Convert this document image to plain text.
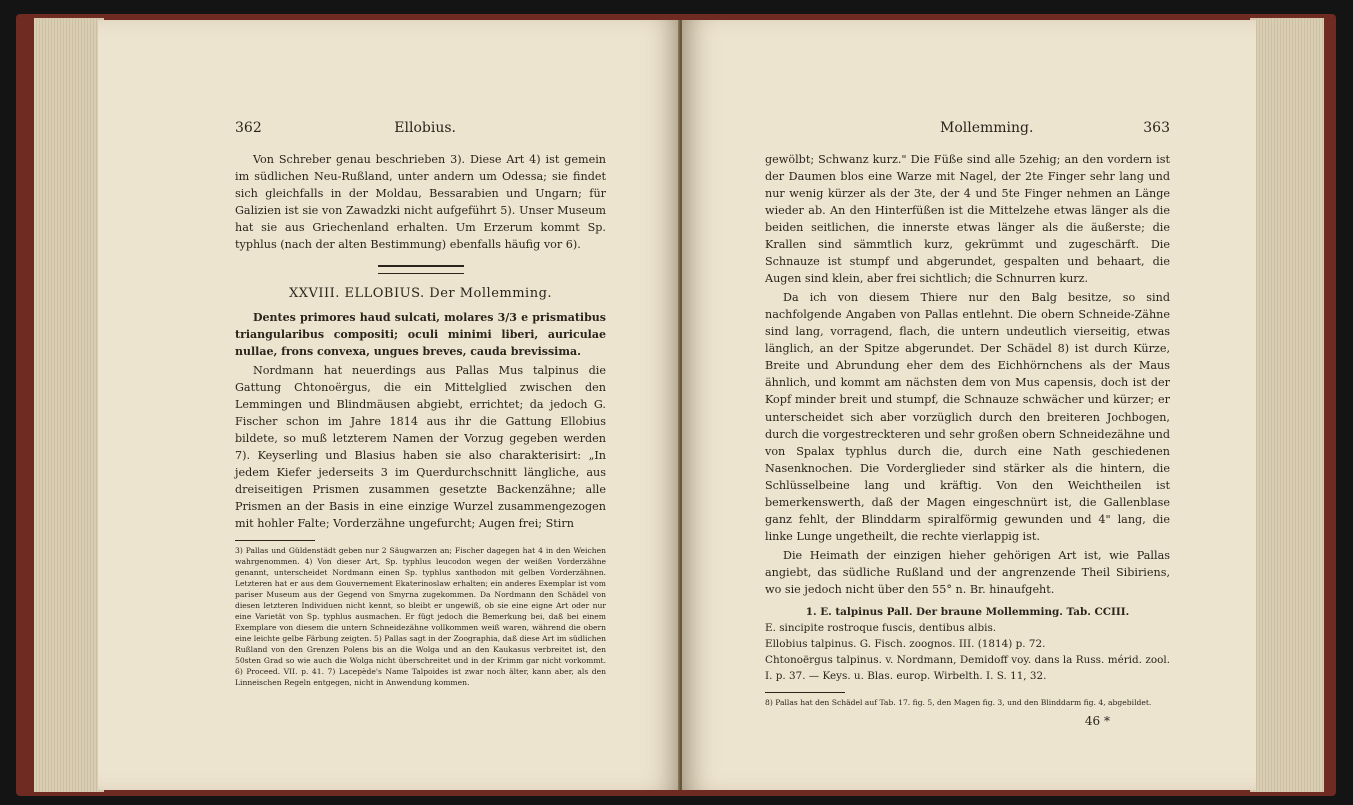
362	Ellobius.

Von Schreber genau beschrieben 3). Diese Art 4) ist gemein im südlichen Neu-Rußland, unter andern um Odessa; sie findet sich gleichfalls in der Moldau, Bessarabien und Ungarn; für Galizien ist sie von Zawadzki nicht aufgeführt 5). Unser Museum hat sie aus Griechenland erhalten. Um Erzerum kommt Sp. typhlus (nach der alten Bestimmung) ebenfalls häufig vor 6).

XXVIII. ELLOBIUS. Der Mollemming.

Dentes primores haud sulcati, molares 3/3 e prismatibus triangularibus compositi; oculi minimi liberi, auriculae nullae, frons convexa, ungues breves, cauda brevissima.

Nordmann hat neuerdings aus Pallas Mus talpinus die Gattung Chtonoërgus, die ein Mittelglied zwischen den Lemmingen und Blindmäusen abgiebt, errichtet; da jedoch G. Fischer schon im Jahre 1814 aus ihr die Gattung Ellobius bildete, so muß letzterem Namen der Vorzug gegeben werden 7). Keyserling und Blasius haben sie also charakterisirt: „In jedem Kiefer jederseits 3 im Querdurchschnitt längliche, aus dreiseitigen Prismen zusammen gesetzte Backenzähne; alle Prismen an der Basis in eine einzige Wurzel zusammengezogen mit hohler Falte; Vorderzähne ungefurcht; Augen frei; Stirn

3) Pallas und Güldenstädt geben nur 2 Säugwarzen an; Fischer dagegen hat 4 in den Weichen wahrgenommen. 4) Von dieser Art, Sp. typhlus leucodon wegen der weißen Vorderzähne genannt, unterscheidet Nordmann einen Sp. typhlus xanthodon mit gelben Vorderzähnen. Letzteren hat er aus dem Gouvernement Ekaterinoslaw erhalten; ein anderes Exemplar ist vom pariser Museum aus der Gegend von Smyrna zugekommen. Da Nordmann den Schädel von diesen letzteren Individuen nicht kennt, so bleibt er ungewiß, ob sie eine eigne Art oder nur eine Varietät von Sp. typhlus ausmachen. Er fügt jedoch die Bemerkung bei, daß bei einem Exemplare von diesem die untern Schneidezähne vollkommen weiß waren, während die obern eine leichte gelbe Färbung zeigten. 5) Pallas sagt in der Zoographia, daß diese Art im südlichen Rußland von den Grenzen Polens bis an die Wolga und an den Kaukasus verbreitet ist, den 50sten Grad so wie auch die Wolga nicht überschreitet und in der Krimm gar nicht vorkommt. 6) Proceed. VII. p. 41. 7) Lacepède's Name Talpoides ist zwar noch älter, kann aber, als den Linneischen Regeln entgegen, nicht in Anwendung kommen.
Mollemming.	363

gewölbt; Schwanz kurz." Die Füße sind alle 5zehig; an den vordern ist der Daumen blos eine Warze mit Nagel, der 2te Finger sehr lang und nur wenig kürzer als der 3te, der 4 und 5te Finger nehmen an Länge wieder ab. An den Hinterfüßen ist die Mittelzehe etwas länger als die beiden seitlichen, die innerste etwas länger als die äußerste; die Krallen sind sämmtlich kurz, gekrümmt und zugeschärft. Die Schnauze ist stumpf und abgerundet, gespalten und behaart, die Augen sind klein, aber frei sichtlich; die Schnurren kurz.

Da ich von diesem Thiere nur den Balg besitze, so sind nachfolgende Angaben von Pallas entlehnt. Die obern Schneide-Zähne sind lang, vorragend, flach, die untern undeutlich vierseitig, etwas länglich, an der Spitze abgerundet. Der Schädel 8) ist durch Kürze, Breite und Abrundung eher dem des Eichhörnchens als der Maus ähnlich, und kommt am nächsten dem von Mus capensis, doch ist der Kopf minder breit und stumpf, die Schnauze schwächer und kürzer; er unterscheidet sich aber vorzüglich durch den breiteren Jochbogen, durch die vorgestreckteren und sehr großen obern Schneidezähne und von Spalax typhlus durch die, durch eine Nath geschiedenen Nasenknochen. Die Vorderglieder sind stärker als die hintern, die Schlüsselbeine lang und kräftig. Von den Weichtheilen ist bemerkenswerth, daß der Magen eingeschnürt ist, die Gallenblase ganz fehlt, der Blinddarm spiralförmig gewunden und 4" lang, die linke Lunge ungetheilt, die rechte vierlappig ist.

Die Heimath der einzigen hieher gehörigen Art ist, wie Pallas angiebt, das südliche Rußland und der angrenzende Theil Sibiriens, wo sie jedoch nicht über den 55° n. Br. hinaufgeht.

1. E. talpinus Pall. Der braune Mollemming. Tab. CCIII.
E. sincipite rostroque fuscis, dentibus albis.
Ellobius talpinus. G. Fisch. zoognos. III. (1814) p. 72.
Chtonoërgus talpinus. v. Nordmann, Demidoff voy. dans la Russ. mérid. zool. I. p. 37. — Keys. u. Blas. europ. Wirbelth. I. S. 11, 32.
8) Pallas hat den Schädel auf Tab. 17. fig. 5, den Magen fig. 3, und den Blinddarm fig. 4, abgebildet.
46 *
